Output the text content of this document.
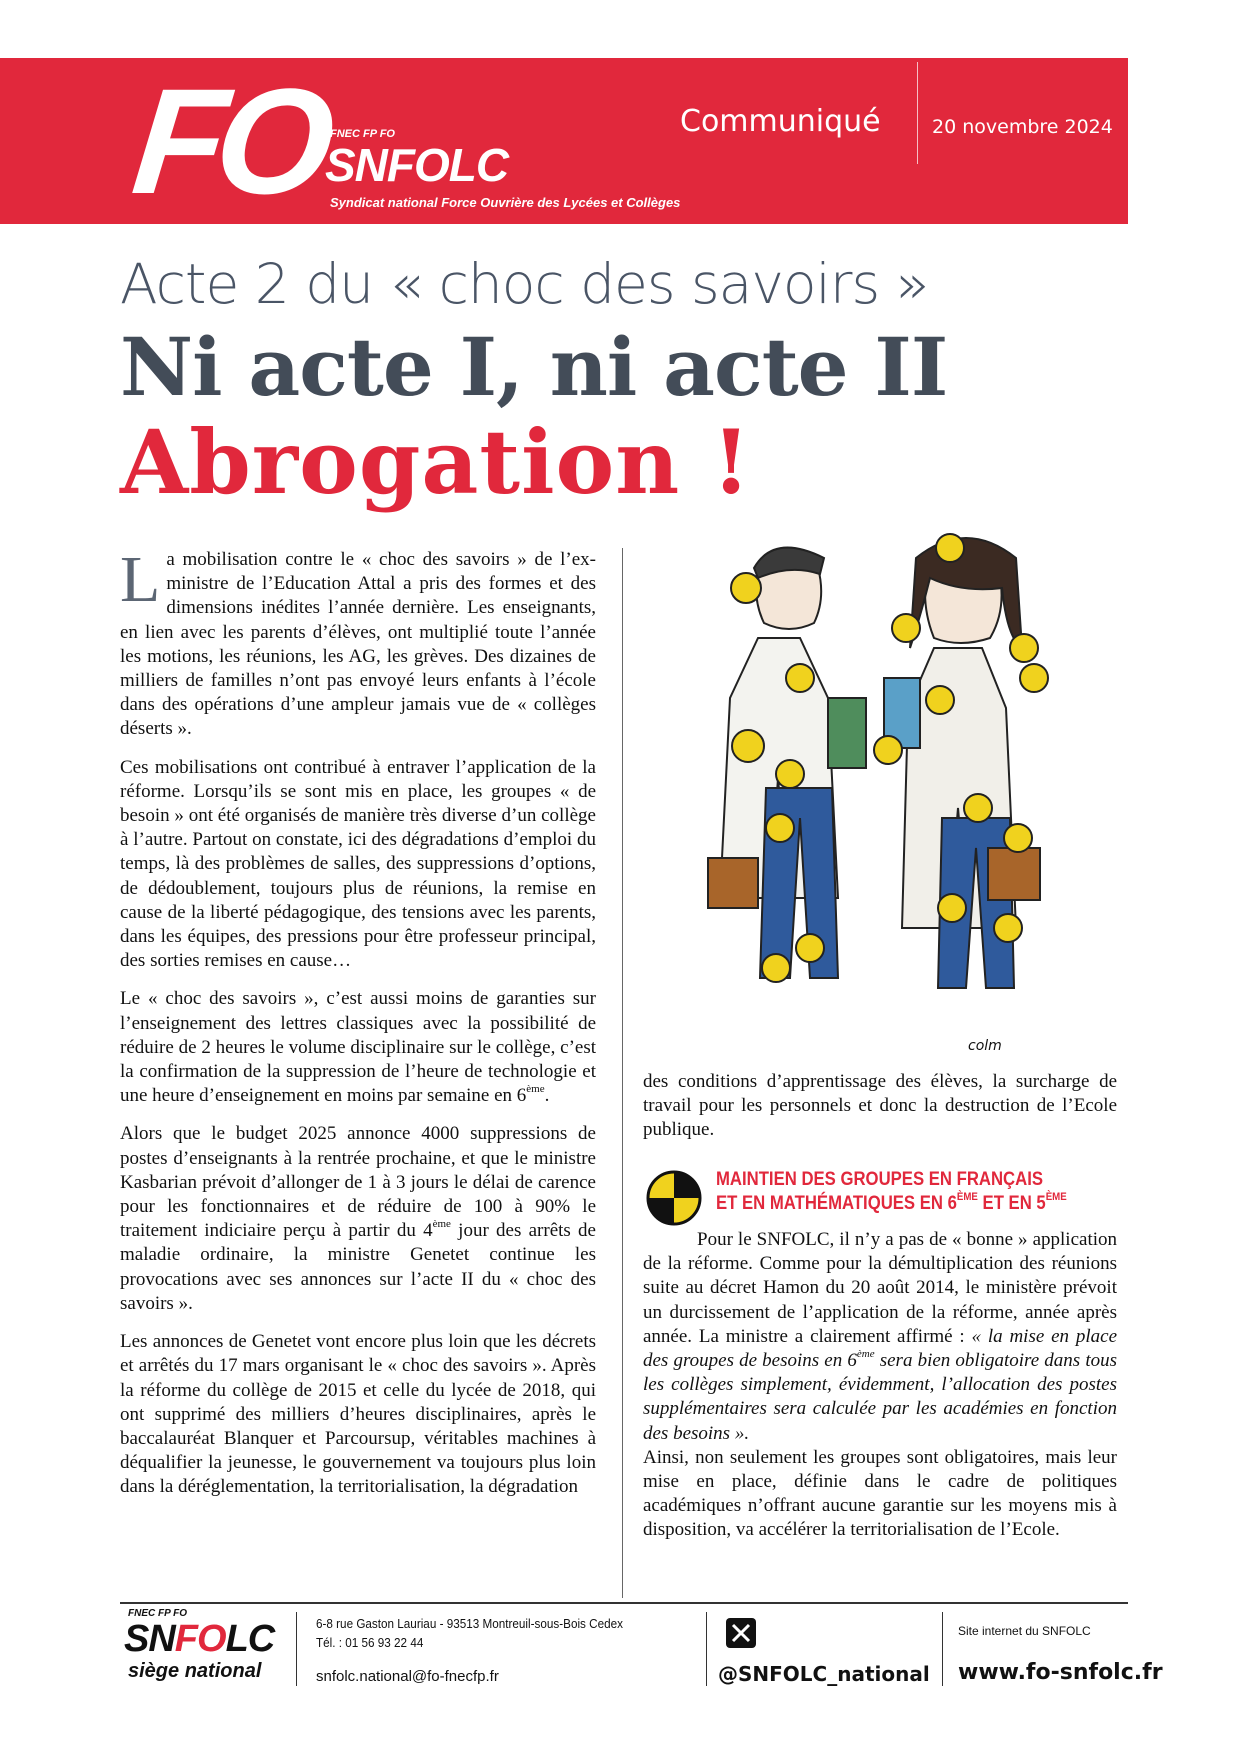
FO
FNEC FP FO
SNFOLC
Syndicat national Force Ouvrière des Lycées et Collèges
Communiqué	20 novembre 2024
Acte 2 du « choc des savoirs »
Ni acte I, ni acte II
Abrogation !

La mobilisation contre le « choc des savoirs » de l’ex-ministre de l’Education Attal a pris des formes et des dimensions inédites l’année dernière. Les enseignants, en lien avec les parents d’élèves, ont multiplié toute l’année les motions, les réunions, les AG, les grèves. Des dizaines de milliers de familles n’ont pas envoyé leurs enfants à l’école dans des opérations d’une ampleur jamais vue de « collèges déserts ».

Ces mobilisations ont contribué à entraver l’application de la réforme. Lorsqu’ils se sont mis en place, les groupes « de besoin » ont été organisés de manière très diverse d’un collège à l’autre. Partout on constate, ici des dégradations d’emploi du temps, là des problèmes de salles, des suppressions d’options, de dédoublement, toujours plus de réunions, la remise en cause de la liberté pédagogique, des tensions avec les parents, dans les équipes, des pressions pour être professeur principal, des sorties remises en cause…

Le « choc des savoirs », c’est aussi moins de garanties sur l’enseignement des lettres classiques avec la possibilité de réduire de 2 heures le volume disciplinaire sur le collège, c’est la confirmation de la suppression de l’heure de technologie et une heure d’enseignement en moins par semaine en 6ème.

Alors que le budget 2025 annonce 4000 suppressions de postes d’enseignants à la rentrée prochaine, et que le ministre Kasbarian prévoit d’allonger de 1 à 3 jours le délai de carence pour les fonctionnaires et de réduire de 100 à 90% le traitement indiciaire perçu à partir du 4ème jour des arrêts de maladie ordinaire, la ministre Genetet continue les provocations avec ses annonces sur l’acte II du « choc des savoirs ».

Les annonces de Genetet vont encore plus loin que les décrets et arrêtés du 17 mars organisant le « choc des savoirs ». Après la réforme du collège de 2015 et celle du lycée de 2018, qui ont supprimé des milliers d’heures disciplinaires, après le baccalauréat Blanquer et Parcoursup, véritables machines à déqualifier la jeunesse, le gouvernement va toujours plus loin dans la déréglementation, la territorialisation, la dégradation

colm

des conditions d’apprentissage des élèves, la surcharge de travail pour les personnels et donc la destruction de l’Ecole publique.

MAINTIEN DES GROUPES EN FRANÇAIS ET EN MATHÉMATIQUES EN 6ÈME ET EN 5ÈME

Pour le SNFOLC, il n’y a pas de « bonne » application de la réforme. Comme pour la démultiplication des réunions suite au décret Hamon du 20 août 2014, le ministère prévoit un durcissement de l’application de la réforme, année après année. La ministre a clairement affirmé : « la mise en place des groupes de besoins en 6ème sera bien obligatoire dans tous les collèges simplement, évidemment, l’allocation des postes supplémentaires sera calculée par les académies en fonction des besoins ».

Ainsi, non seulement les groupes sont obligatoires, mais leur mise en place, définie dans le cadre de politiques académiques n’offrant aucune garantie sur les moyens mis à disposition, va accélérer la territorialisation de l’Ecole.

FNEC FP FO
SNFOLC
siège national
6-8 rue Gaston Lauriau - 93513 Montreuil-sous-Bois Cedex
Tél. : 01 56 93 22 44
snfolc.national@fo-fnecfp.fr	@SNFOLC_national
Site internet du SNFOLC
www.fo-snfolc.fr
